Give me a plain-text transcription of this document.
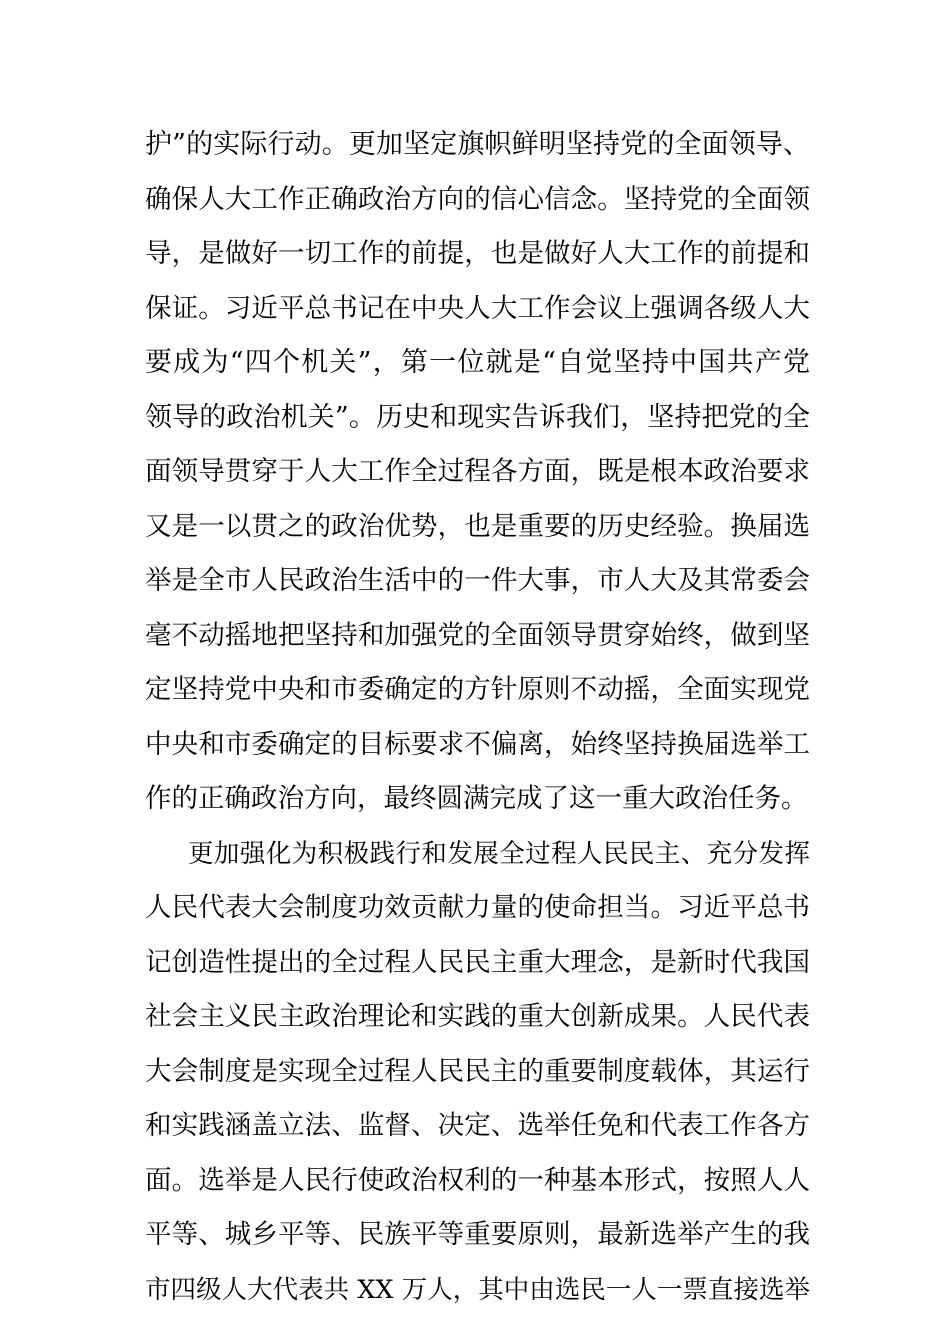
护”的实际行动。更加坚定旗帜鲜明坚持党的全面领导、
确保人大工作正确政治方向的信心信念。坚持党的全面领
导，是做好一切工作的前提，也是做好人大工作的前提和
保证。习近平总书记在中央人大工作会议上强调各级人大
要成为“四个机关”，第一位就是“自觉坚持中国共产党
领导的政治机关”。历史和现实告诉我们，坚持把党的全
面领导贯穿于人大工作全过程各方面，既是根本政治要求
又是一以贯之的政治优势，也是重要的历史经验。换届选
举是全市人民政治生活中的一件大事，市人大及其常委会
毫不动摇地把坚持和加强党的全面领导贯穿始终，做到坚
定坚持党中央和市委确定的方针原则不动摇，全面实现党
中央和市委确定的目标要求不偏离，始终坚持换届选举工
作的正确政治方向，最终圆满完成了这一重大政治任务。
更加强化为积极践行和发展全过程人民民主、充分发挥
人民代表大会制度功效贡献力量的使命担当。习近平总书
记创造性提出的全过程人民民主重大理念，是新时代我国
社会主义民主政治理论和实践的重大创新成果。人民代表
大会制度是实现全过程人民民主的重要制度载体，其运行
和实践涵盖立法、监督、决定、选举任免和代表工作各方
面。选举是人民行使政治权利的一种基本形式，按照人人
平等、城乡平等、民族平等重要原则，最新选举产生的我
市四级人大代表共 XX 万人，其中由选民一人一票直接选举
